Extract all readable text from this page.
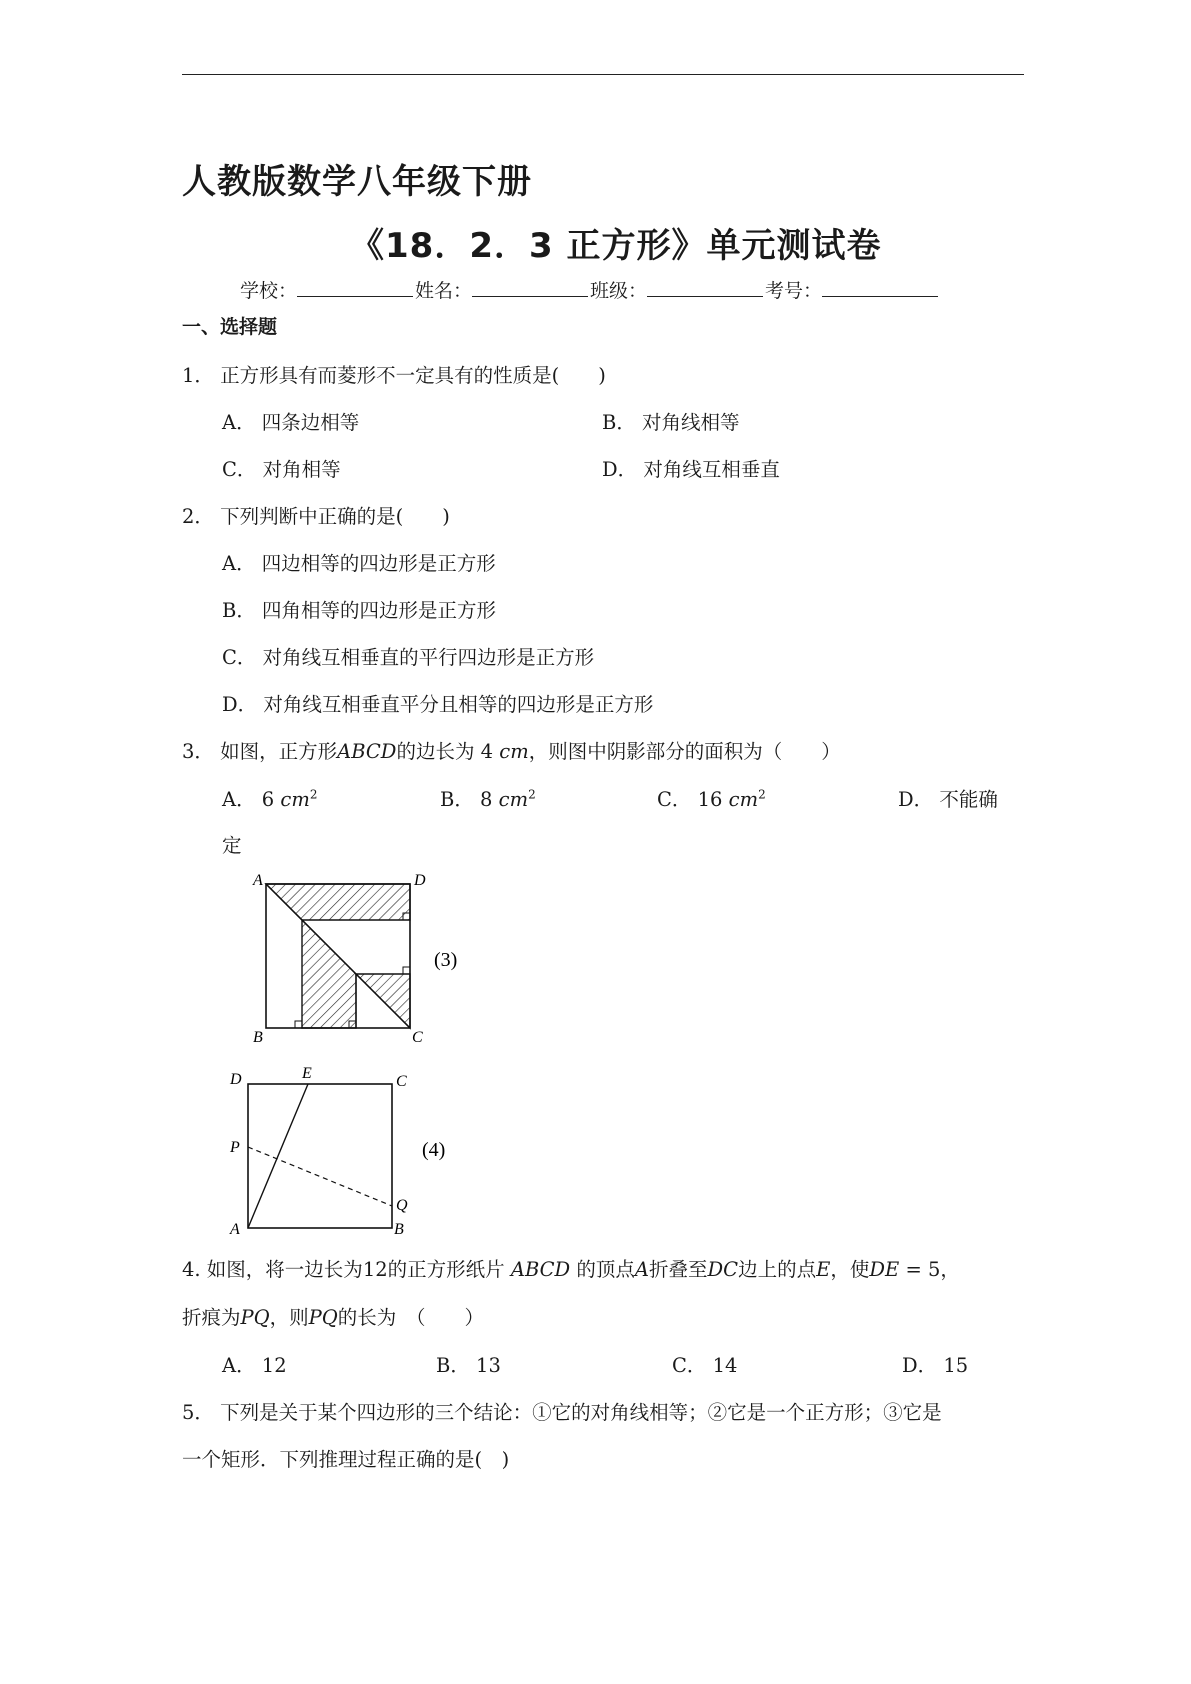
人教版数学八年级下册
《18．2．3 正方形》单元测试卷
学校：	姓名：	班级：	考号：
一、选择题
1． 正方形具有而菱形不一定具有的性质是(　　)
A． 四条边相等	B． 对角线相等
C． 对角相等	D． 对角线互相垂直
2． 下列判断中正确的是(　　)
A． 四边相等的四边形是正方形
B． 四角相等的四边形是正方形
C． 对角线互相垂直的平行四边形是正方形
D． 对角线互相垂直平分且相等的四边形是正方形
3． 如图，正方形ABCD的边长为 4 cm，则图中阴影部分的面积为（　　）
A． 6 $cm^2$	B． 8 $cm^2$	C． 16 $cm^2$	D． 不能确
定
A	D
B	C
(3)
D	E	C
P
Q
A	B
(4)
4. 如图，将一边长为12的正方形纸片 ABCD 的顶点A折叠至DC边上的点E，使DE = 5，
折痕为PQ，则PQ的长为　（　　）
A． 12	B． 13	C． 14	D． 15
5． 下列是关于某个四边形的三个结论：①它的对角线相等；②它是一个正方形；③它是
一个矩形．下列推理过程正确的是(　)
